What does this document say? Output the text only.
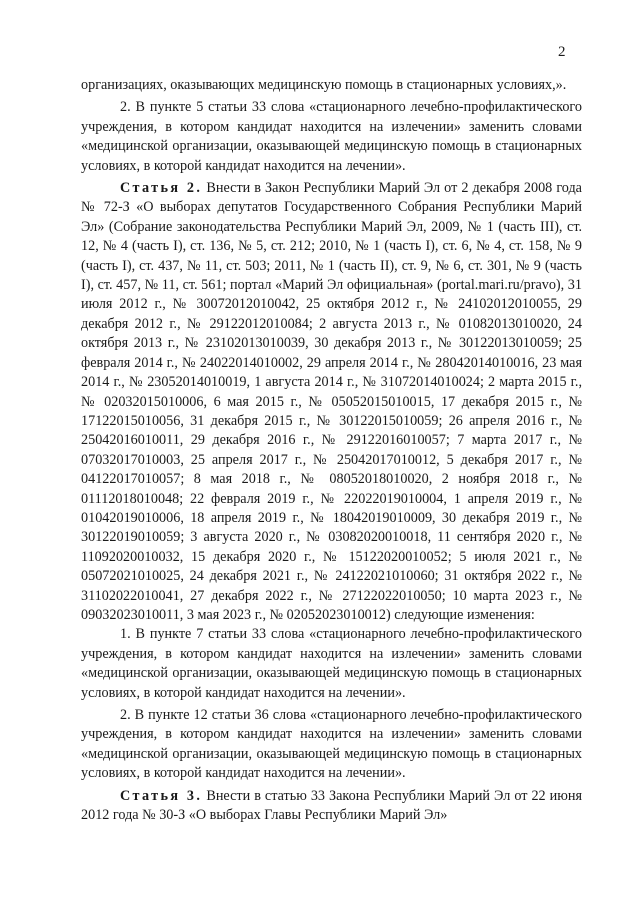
2

организациях, оказывающих медицинскую помощь в стационарных условиях,».

2. В пункте 5 статьи 33 слова «стационарного лечебно-профилактического учреждения, в котором кандидат находится на излечении» заменить словами «медицинской организации, оказывающей медицинскую помощь в стационарных условиях, в которой кандидат находится на лечении».

Статья 2. Внести в Закон Республики Марий Эл от 2 декабря 2008 года № 72-З «О выборах депутатов Государственного Собрания Республики Марий Эл» (Собрание законодательства Республики Марий Эл, 2009, № 1 (часть III), ст. 12, № 4 (часть I), ст. 136, № 5, ст. 212; 2010, № 1 (часть I), ст. 6, № 4, ст. 158, № 9 (часть I), ст. 437, № 11, ст. 503; 2011, № 1 (часть II), ст. 9, № 6, ст. 301, № 9 (часть I), ст. 457, № 11, ст. 561; портал «Марий Эл официальная» (portal.mari.ru/pravo), 31 июля 2012 г., № 30072012010042, 25 октября 2012 г., № 24102012010055, 29 декабря 2012 г., № 29122012010084; 2 августа 2013 г., № 01082013010020, 24 октября 2013 г., № 23102013010039, 30 декабря 2013 г., № 30122013010059; 25 февраля 2014 г., № 24022014010002, 29 апреля 2014 г., № 28042014010016, 23 мая 2014 г., № 23052014010019, 1 августа 2014 г., № 31072014010024; 2 марта 2015 г., № 02032015010006, 6 мая 2015 г., № 05052015010015, 17 декабря 2015 г., № 17122015010056, 31 декабря 2015 г., № 30122015010059; 26 апреля 2016 г., № 25042016010011, 29 декабря 2016 г., № 29122016010057; 7 марта 2017 г., № 07032017010003, 25 апреля 2017 г., № 25042017010012, 5 декабря 2017 г., № 04122017010057; 8 мая 2018 г., № 08052018010020, 2 ноября 2018 г., № 01112018010048; 22 февраля 2019 г., № 22022019010004, 1 апреля 2019 г., № 01042019010006, 18 апреля 2019 г., № 18042019010009, 30 декабря 2019 г., № 30122019010059; 3 августа 2020 г., № 03082020010018, 11 сентября 2020 г., № 11092020010032, 15 декабря 2020 г., № 15122020010052; 5 июля 2021 г., № 05072021010025, 24 декабря 2021 г., № 24122021010060; 31 октября 2022 г., № 31102022010041, 27 декабря 2022 г., № 27122022010050; 10 марта 2023 г., № 09032023010011, 3 мая 2023 г., № 02052023010012) следующие изменения:

1. В пункте 7 статьи 33 слова «стационарного лечебно-профилактического учреждения, в котором кандидат находится на излечении» заменить словами «медицинской организации, оказывающей медицинскую помощь в стационарных условиях, в которой кандидат находится на лечении».

2. В пункте 12 статьи 36 слова «стационарного лечебно-профилактического учреждения, в котором кандидат находится на излечении» заменить словами «медицинской организации, оказывающей медицинскую помощь в стационарных условиях, в которой кандидат находится на лечении».

Статья 3. Внести в статью 33 Закона Республики Марий Эл от 22 июня 2012 года № 30-З «О выборах Главы Республики Марий Эл»
